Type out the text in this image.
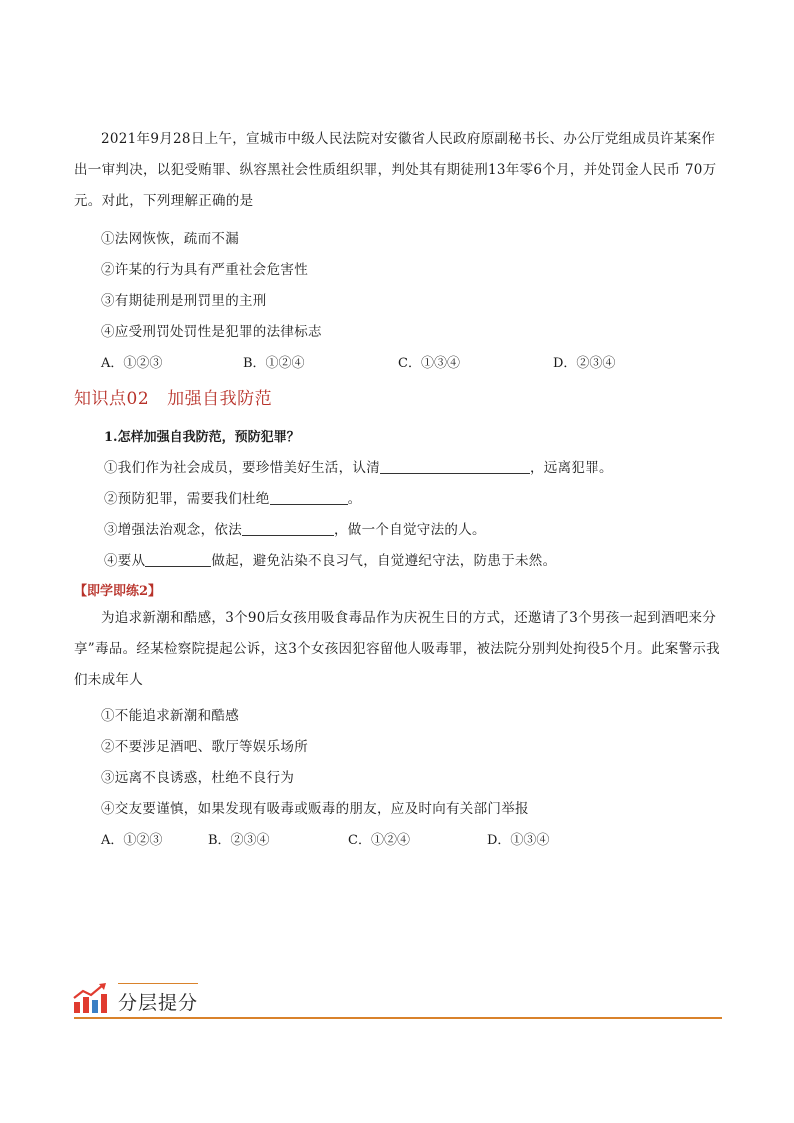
2021年9月28日上午，宣城市中级人民法院对安徽省人民政府原副秘书长、办公厅党组成员许某案作出一审判决，以犯受贿罪、纵容黑社会性质组织罪，判处其有期徒刑13年零6个月，并处罚金人民币 70万元。对此，下列理解正确的是
①法网恢恢，疏而不漏
②许某的行为具有严重社会危害性
③有期徒刑是刑罚里的主刑
④应受刑罚处罚性是犯罪的法律标志
A．①②③	B．①②④	C．①③④	D．②③④
知识点02 加强自我防范
1.怎样加强自我防范，预防犯罪？
①我们作为社会成员，要珍惜美好生活，认清	，远离犯罪。
②预防犯罪，需要我们杜绝	。
③增强法治观念，依法	，做一个自觉守法的人。
④要从	做起，避免沾染不良习气，自觉遵纪守法，防患于未然。
【即学即练2】
为追求新潮和酷感，3个90后女孩用吸食毒品作为庆祝生日的方式，还邀请了3个男孩一起到酒吧来分享”毒品。经某检察院提起公诉，这3个女孩因犯容留他人吸毒罪，被法院分别判处拘役5个月。此案警示我们未成年人
①不能追求新潮和酷感
②不要涉足酒吧、歌厅等娱乐场所
③远离不良诱惑，杜绝不良行为
④交友要谨慎，如果发现有吸毒或贩毒的朋友，应及时向有关部门举报
A．①②③	B．②③④	C．①②④	D．①③④
分层提分
